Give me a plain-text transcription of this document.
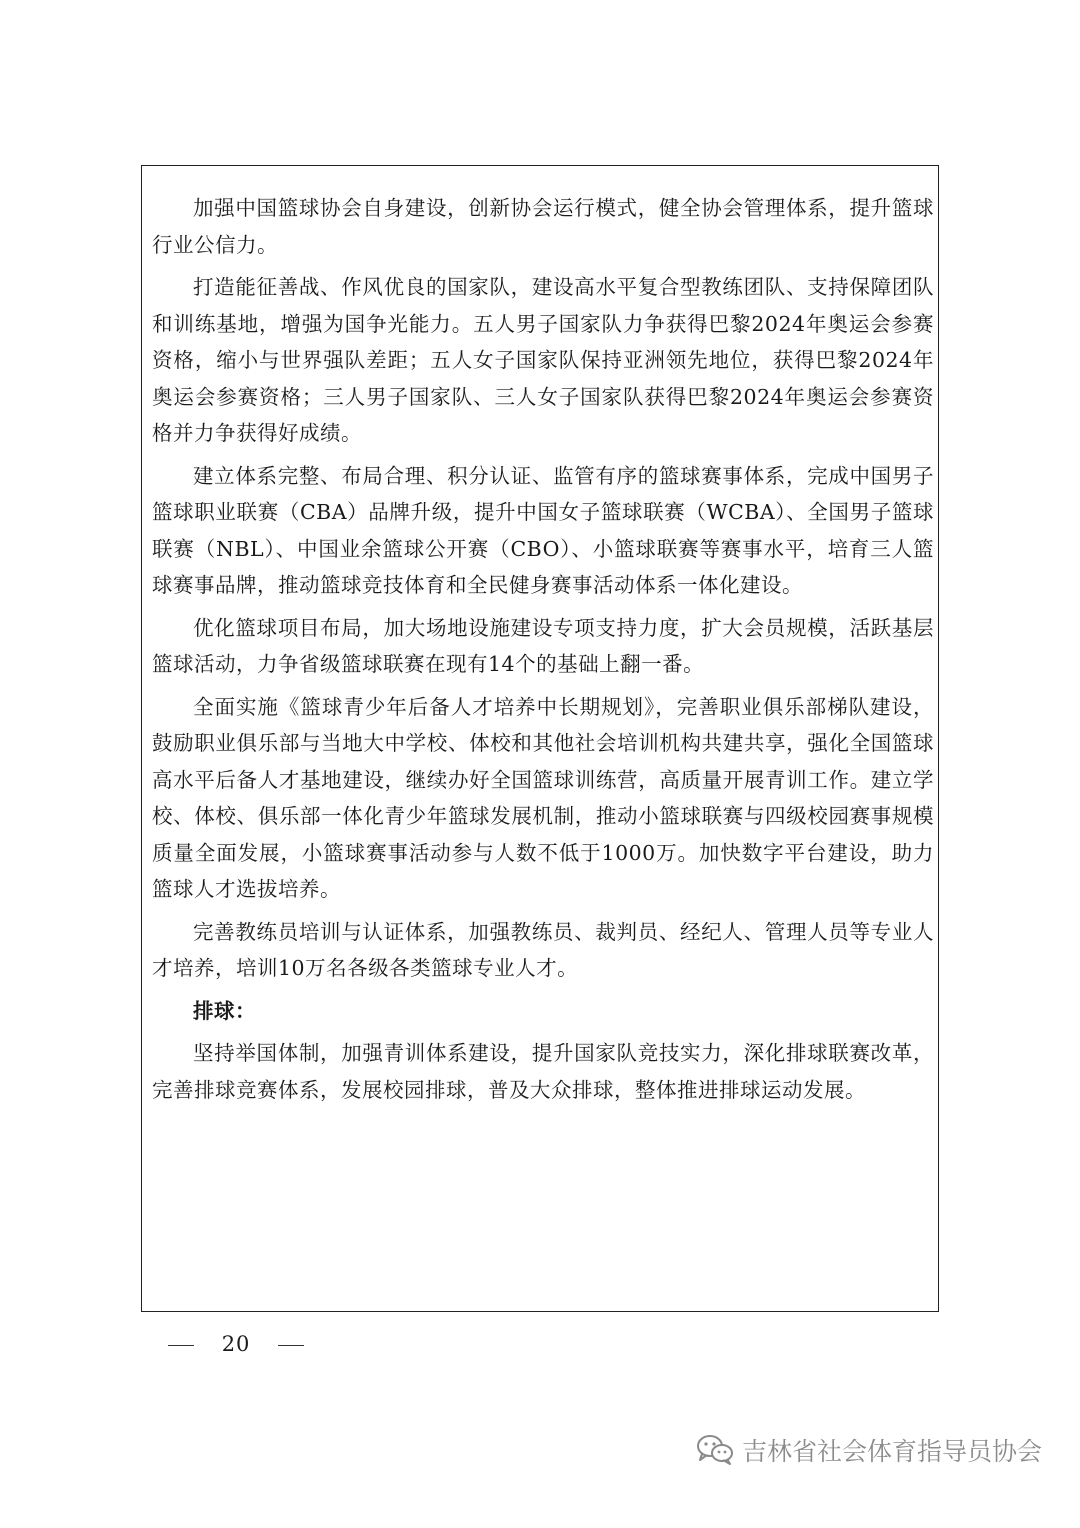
加强中国篮球协会自身建设，创新协会运行模式，健全协会管理体系，提升篮球行业公信力。

打造能征善战、作风优良的国家队，建设高水平复合型教练团队、支持保障团队和训练基地，增强为国争光能力。五人男子国家队力争获得巴黎2024年奥运会参赛资格，缩小与世界强队差距；五人女子国家队保持亚洲领先地位，获得巴黎2024年奥运会参赛资格；三人男子国家队、三人女子国家队获得巴黎2024年奥运会参赛资格并力争获得好成绩。

建立体系完整、布局合理、积分认证、监管有序的篮球赛事体系，完成中国男子篮球职业联赛（CBA）品牌升级，提升中国女子篮球联赛（WCBA）、全国男子篮球联赛（NBL）、中国业余篮球公开赛（CBO）、小篮球联赛等赛事水平，培育三人篮球赛事品牌，推动篮球竞技体育和全民健身赛事活动体系一体化建设。

优化篮球项目布局，加大场地设施建设专项支持力度，扩大会员规模，活跃基层篮球活动，力争省级篮球联赛在现有14个的基础上翻一番。

全面实施《篮球青少年后备人才培养中长期规划》，完善职业俱乐部梯队建设，鼓励职业俱乐部与当地大中学校、体校和其他社会培训机构共建共享，强化全国篮球高水平后备人才基地建设，继续办好全国篮球训练营，高质量开展青训工作。建立学校、体校、俱乐部一体化青少年篮球发展机制，推动小篮球联赛与四级校园赛事规模质量全面发展，小篮球赛事活动参与人数不低于1000万。加快数字平台建设，助力篮球人才选拔培养。

完善教练员培训与认证体系，加强教练员、裁判员、经纪人、管理人员等专业人才培养，培训10万名各级各类篮球专业人才。

排球：

坚持举国体制，加强青训体系建设，提升国家队竞技实力，深化排球联赛改革，完善排球竞赛体系，发展校园排球，普及大众排球，整体推进排球运动发展。

20
吉林省社会体育指导员协会
